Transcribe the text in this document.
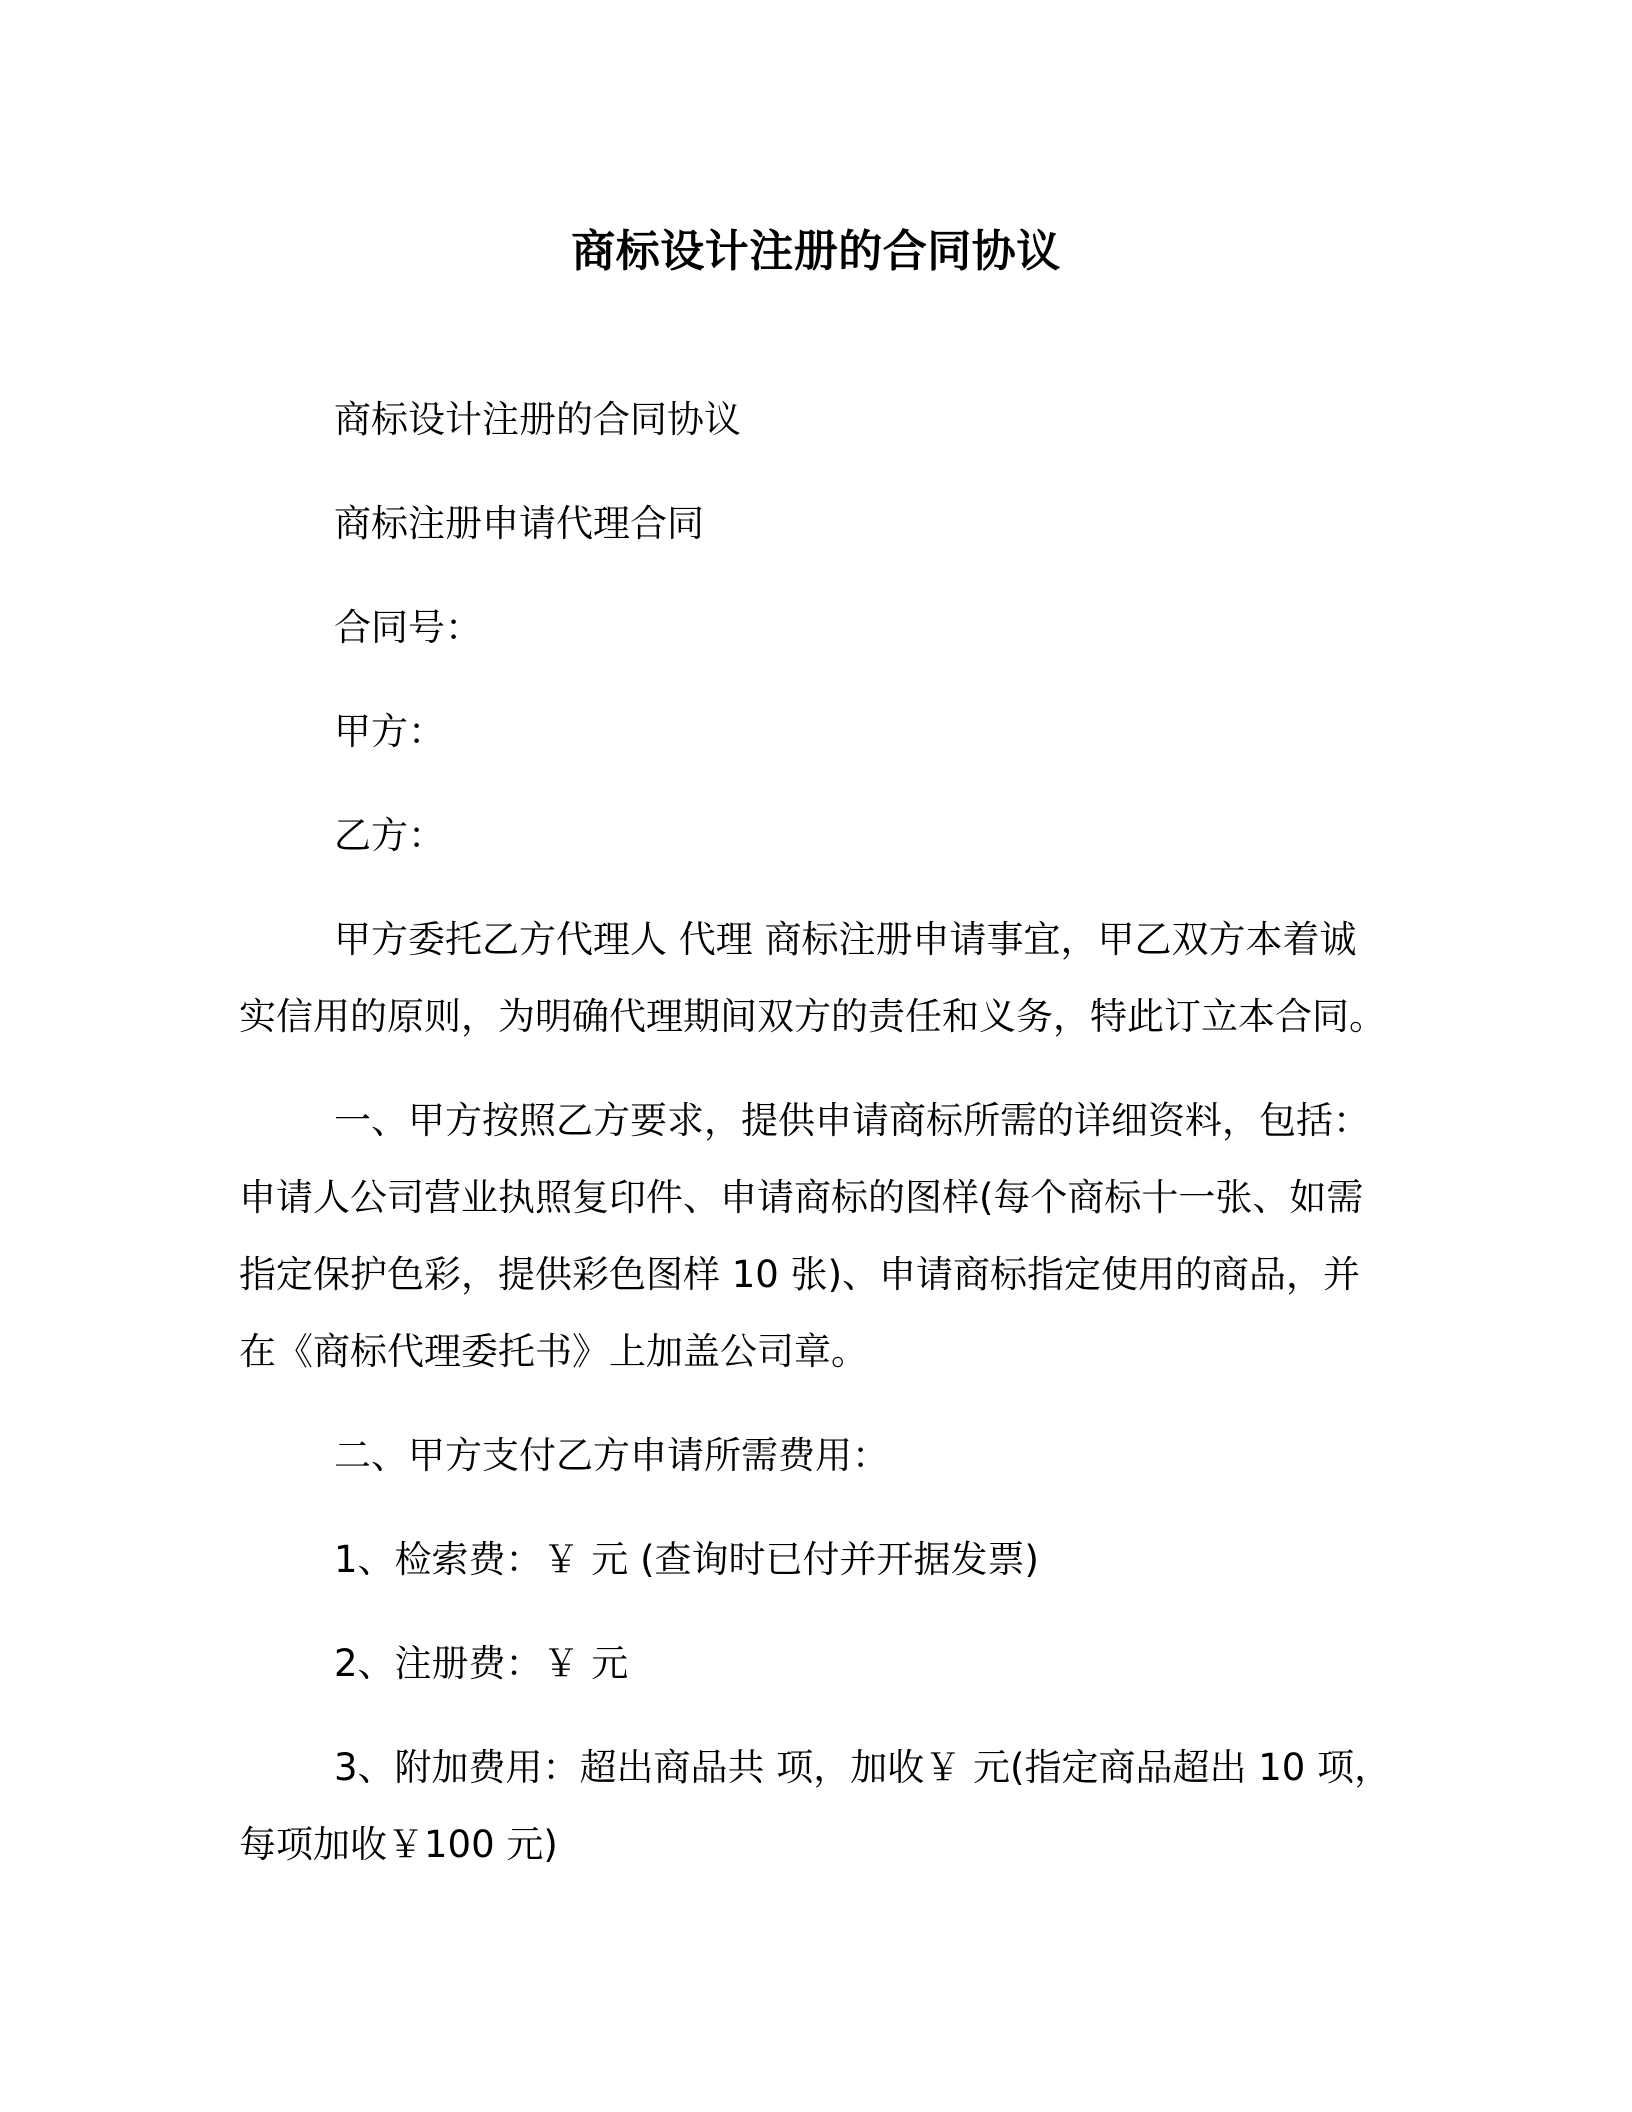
商标设计注册的合同协议
商标设计注册的合同协议
商标注册申请代理合同
合同号：
甲方：
乙方：
甲方委托乙方代理人 代理 商标注册申请事宜，甲乙双方本着诚
实信用的原则，为明确代理期间双方的责任和义务，特此订立本合同。
一、甲方按照乙方要求，提供申请商标所需的详细资料，包括：
申请人公司营业执照复印件、申请商标的图样(每个商标十一张、如需
指定保护色彩，提供彩色图样 10 张)、申请商标指定使用的商品，并
在《商标代理委托书》上加盖公司章。
二、甲方支付乙方申请所需费用：
1、检索费：￥ 元 (查询时已付并开据发票)
2、注册费：￥ 元
3、附加费用：超出商品共 项，加收￥ 元(指定商品超出 10 项，
每项加收￥100 元)
